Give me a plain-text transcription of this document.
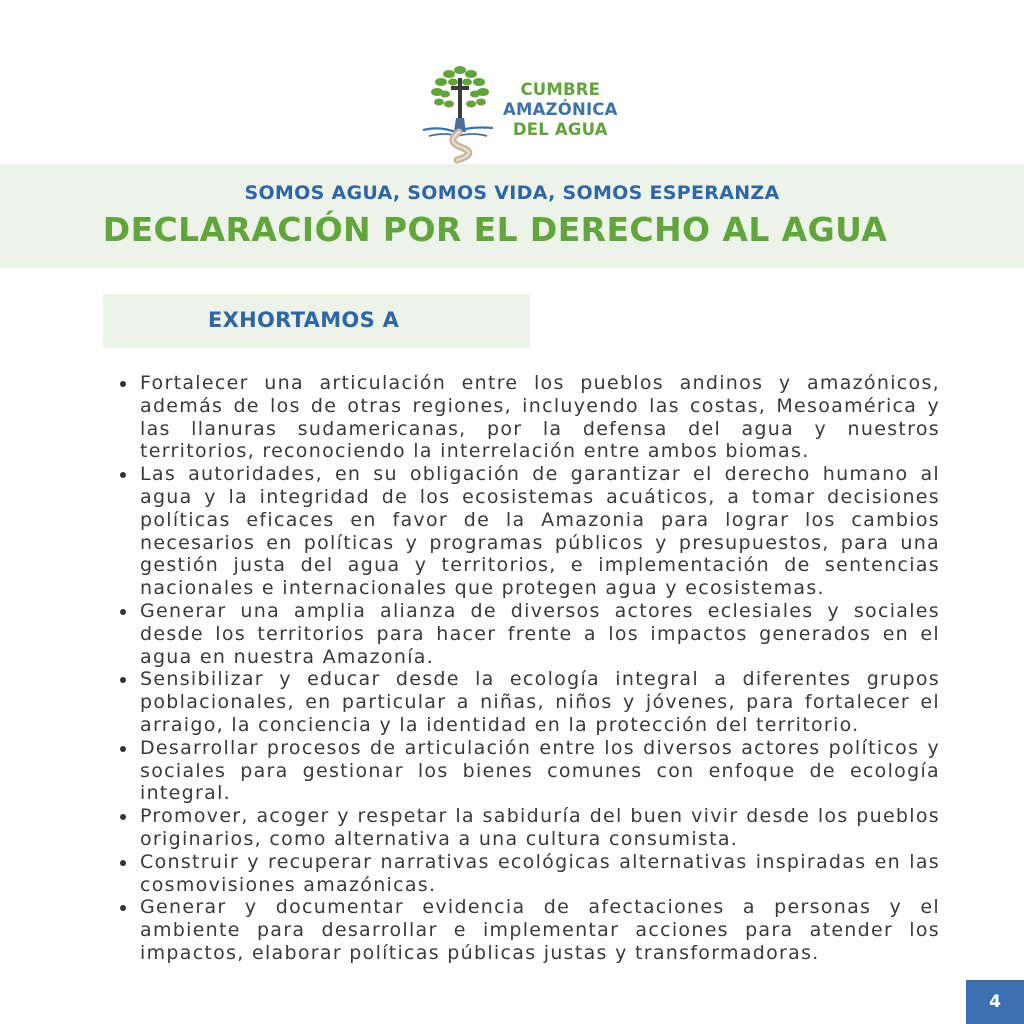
CUMBRE
AMAZÓNICA
DEL AGUA
SOMOS AGUA, SOMOS VIDA, SOMOS ESPERANZA
DECLARACIÓN POR EL DERECHO AL AGUA
EXHORTAMOS A
Fortalecer una articulación entre los pueblos andinos y amazónicos, además de los de otras regiones, incluyendo las costas, Mesoamérica y las llanuras sudamericanas, por la defensa del agua y nuestros territorios, reconociendo la interrelación entre ambos biomas.
Las autoridades, en su obligación de garantizar el derecho humano al agua y la integridad de los ecosistemas acuáticos, a tomar decisiones políticas eficaces en favor de la Amazonia para lograr los cambios necesarios en políticas y programas públicos y presupuestos, para una gestión justa del agua y territorios, e implementación de sentencias nacionales e internacionales que protegen agua y ecosistemas.
Generar una amplia alianza de diversos actores eclesiales y sociales desde los territorios para hacer frente a los impactos generados en el agua en nuestra Amazonía.
Sensibilizar y educar desde la ecología integral a diferentes grupos poblacionales, en particular a niñas, niños y jóvenes, para fortalecer el arraigo, la conciencia y la identidad en la protección del territorio.
Desarrollar procesos de articulación entre los diversos actores políticos y sociales para gestionar los bienes comunes con enfoque de ecología integral.
Promover, acoger y respetar la sabiduría del buen vivir desde los pueblos originarios, como alternativa a una cultura consumista.
Construir y recuperar narrativas ecológicas alternativas inspiradas en las cosmovisiones amazónicas.
Generar y documentar evidencia de afectaciones a personas y el ambiente para desarrollar e implementar acciones para atender los impactos, elaborar políticas públicas justas y transformadoras.
4
